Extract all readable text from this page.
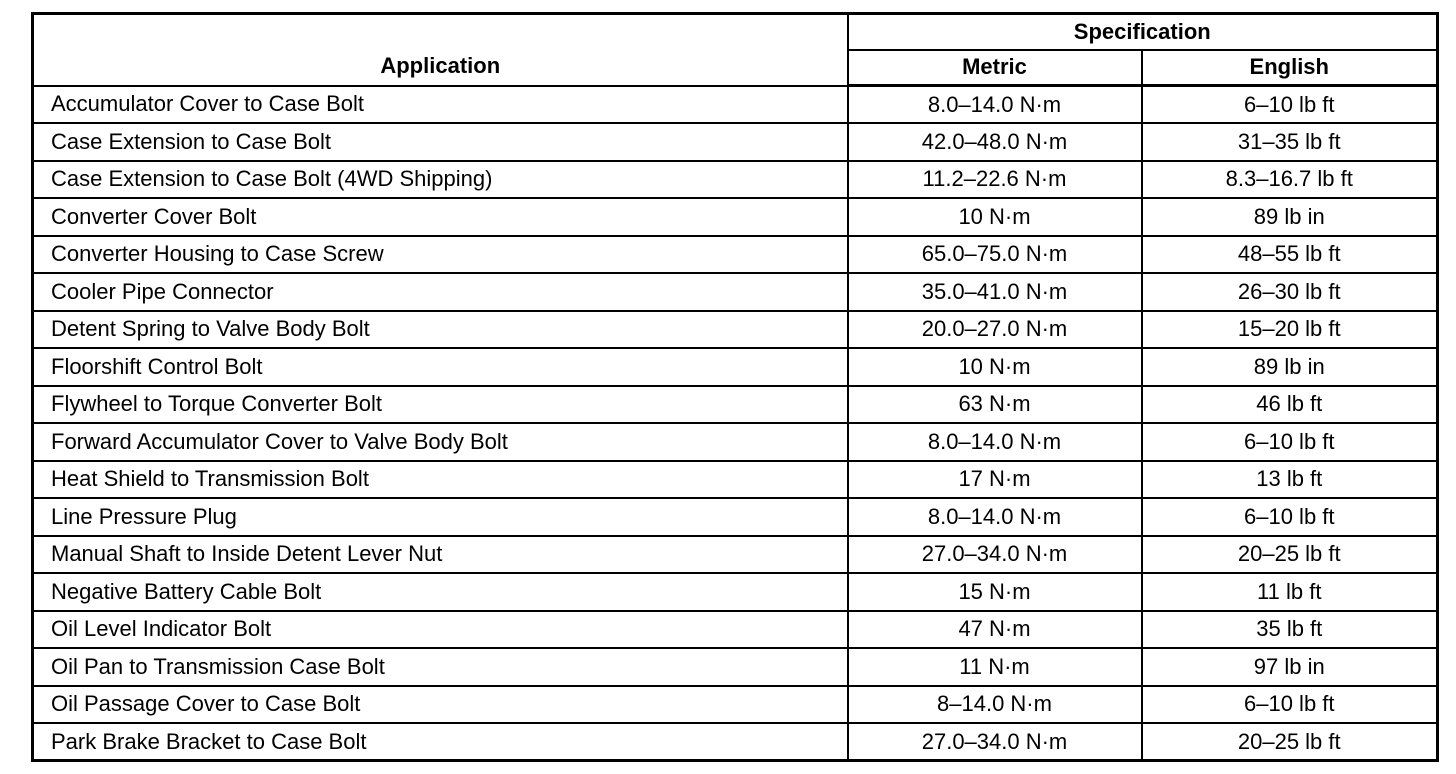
Application	Specification	
	Metric	English
Accumulator Cover to Case Bolt	8.0–14.0 N·m	6–10 lb ft
Case Extension to Case Bolt	42.0–48.0 N·m	31–35 lb ft
Case Extension to Case Bolt (4WD Shipping)	11.2–22.6 N·m	8.3–16.7 lb ft
Converter Cover Bolt	10 N·m	89 lb in
Converter Housing to Case Screw	65.0–75.0 N·m	48–55 lb ft
Cooler Pipe Connector	35.0–41.0 N·m	26–30 lb ft
Detent Spring to Valve Body Bolt	20.0–27.0 N·m	15–20 lb ft
Floorshift Control Bolt	10 N·m	89 lb in
Flywheel to Torque Converter Bolt	63 N·m	46 lb ft
Forward Accumulator Cover to Valve Body Bolt	8.0–14.0 N·m	6–10 lb ft
Heat Shield to Transmission Bolt	17 N·m	13 lb ft
Line Pressure Plug	8.0–14.0 N·m	6–10 lb ft
Manual Shaft to Inside Detent Lever Nut	27.0–34.0 N·m	20–25 lb ft
Negative Battery Cable Bolt	15 N·m	11 lb ft
Oil Level Indicator Bolt	47 N·m	35 lb ft
Oil Pan to Transmission Case Bolt	11 N·m	97 lb in
Oil Passage Cover to Case Bolt	8–14.0 N·m	6–10 lb ft
Park Brake Bracket to Case Bolt	27.0–34.0 N·m	20–25 lb ft
